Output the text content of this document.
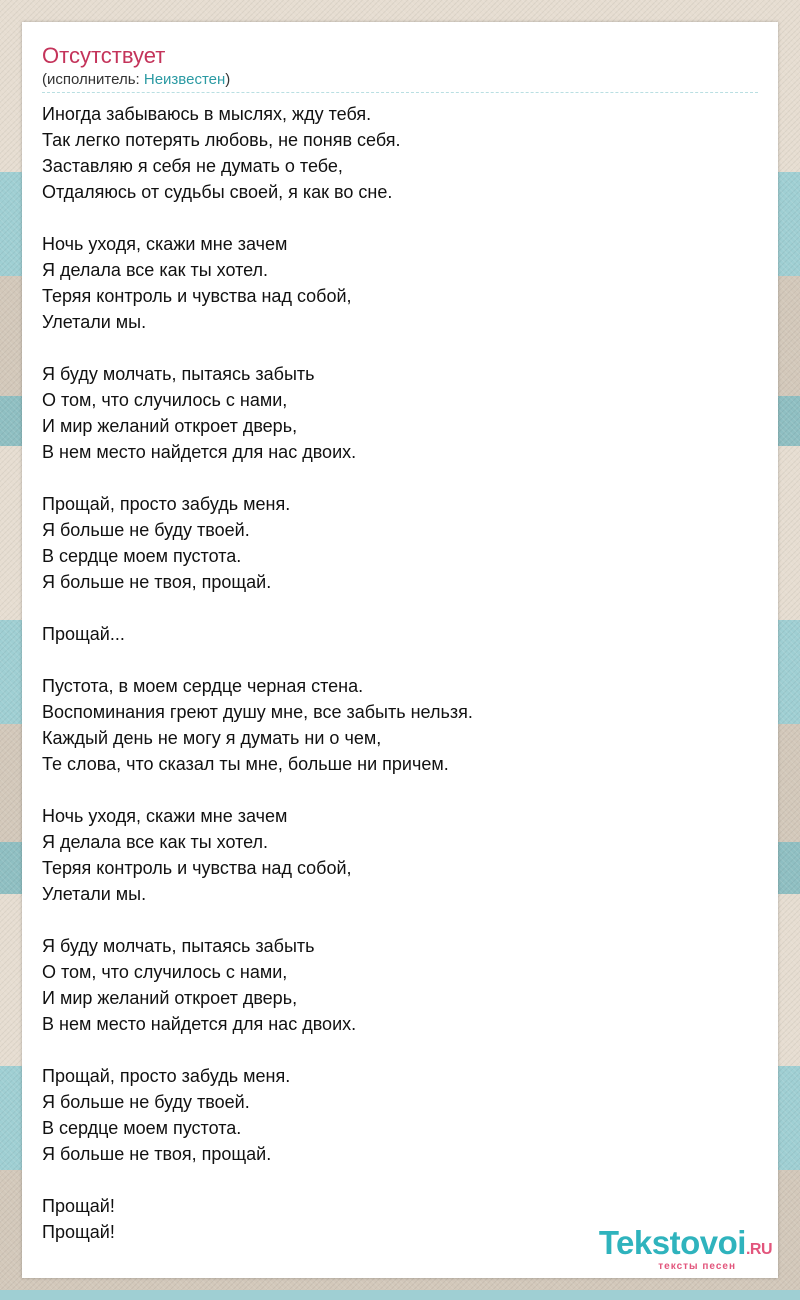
Отсутствует
(исполнитель: Неизвестен)
Иногда забываюсь в мыслях, жду тебя.
Так легко потерять любовь, не поняв себя.
Заставляю я себя не думать о тебе,
Отдаляюсь от судьбы своей, я как во сне.
Ночь уходя, скажи мне зачем
Я делала все как ты хотел.
Теряя контроль и чувства над собой,
Улетали мы.
Я буду молчать, пытаясь забыть
О том, что случилось с нами,
И мир желаний откроет дверь,
В нем место найдется для нас двоих.
Прощай, просто забудь меня.
Я больше не буду твоей.
В сердце моем пустота.
Я больше не твоя, прощай.
Прощай...
Пустота, в моем сердце черная стена.
Воспоминания греют душу мне, все забыть нельзя.
Каждый день не могу я думать ни о чем,
Те слова, что сказал ты мне, больше ни причем.
Ночь уходя, скажи мне зачем
Я делала все как ты хотел.
Теряя контроль и чувства над собой,
Улетали мы.
Я буду молчать, пытаясь забыть
О том, что случилось с нами,
И мир желаний откроет дверь,
В нем место найдется для нас двоих.
Прощай, просто забудь меня.
Я больше не буду твоей.
В сердце моем пустота.
Я больше не твоя, прощай.
Прощай!
Прощай!	Tekstovoi.RU
тексты песен
